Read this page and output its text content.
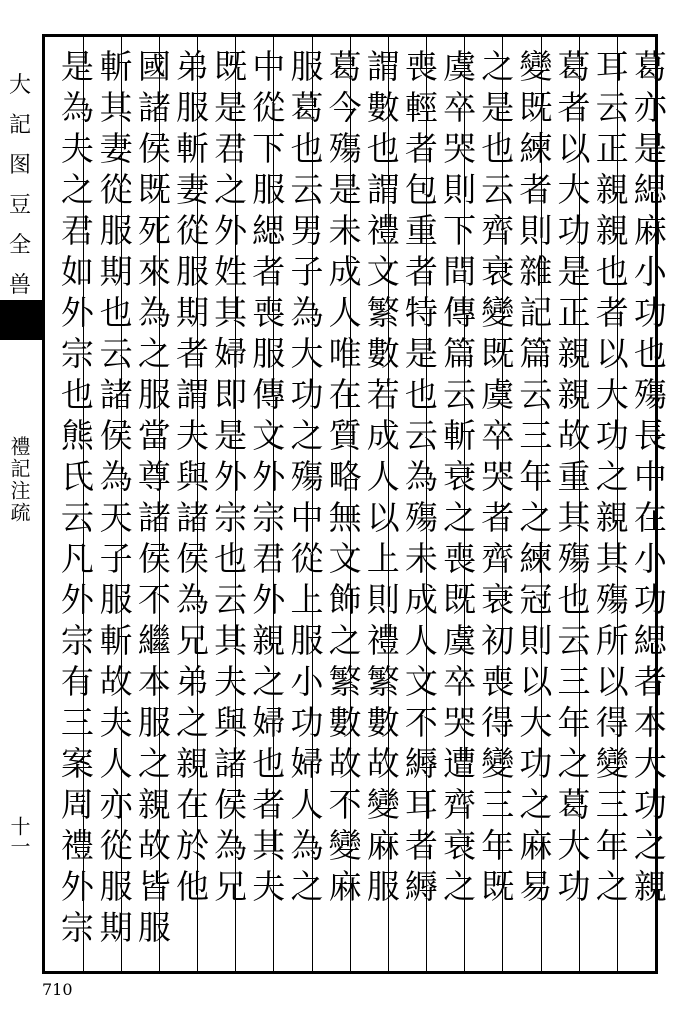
大
記
图
豆
全
兽
禮記注疏
十一	葛亦是緦麻小功也殤長中在小功緦者本大功之親
耳云正親親也者以大功之親其殤所以得變三年之
葛者以大功是正親親故重其殤也云三年之葛大功
變既練者則雜記篇云三年之練冠則以大功之麻易
之是也云齊衰變既虞卒哭者齊衰初喪得變三年既
虞卒哭則下間傳篇云斬衰之喪既虞卒哭遭齊衰之
喪輕者包重者特是也云為殤未成人文不縟耳者縟
謂數也謂禮文繁數若成人以上則禮繁數故變麻服
葛今殤是未成人唯在質略無文飾之繁數故不變麻
服葛也云男子為大功之殤中從上服小功婦人為之
中從下服緦者喪服傳文外宗君外親之婦也者其夫
既是君之外姓其婦即是外宗也云其夫與諸侯為兄
弟服斬妻從服期者謂夫與諸侯為兄弟之親在於他
國諸侯既死來為之服當尊諸侯不繼本服之親故皆服
斬其妻從服期也云諸侯為天子服斬故夫人亦從服期
是為夫之君如外宗也熊氏云凡外宗有三案周禮外宗
710
